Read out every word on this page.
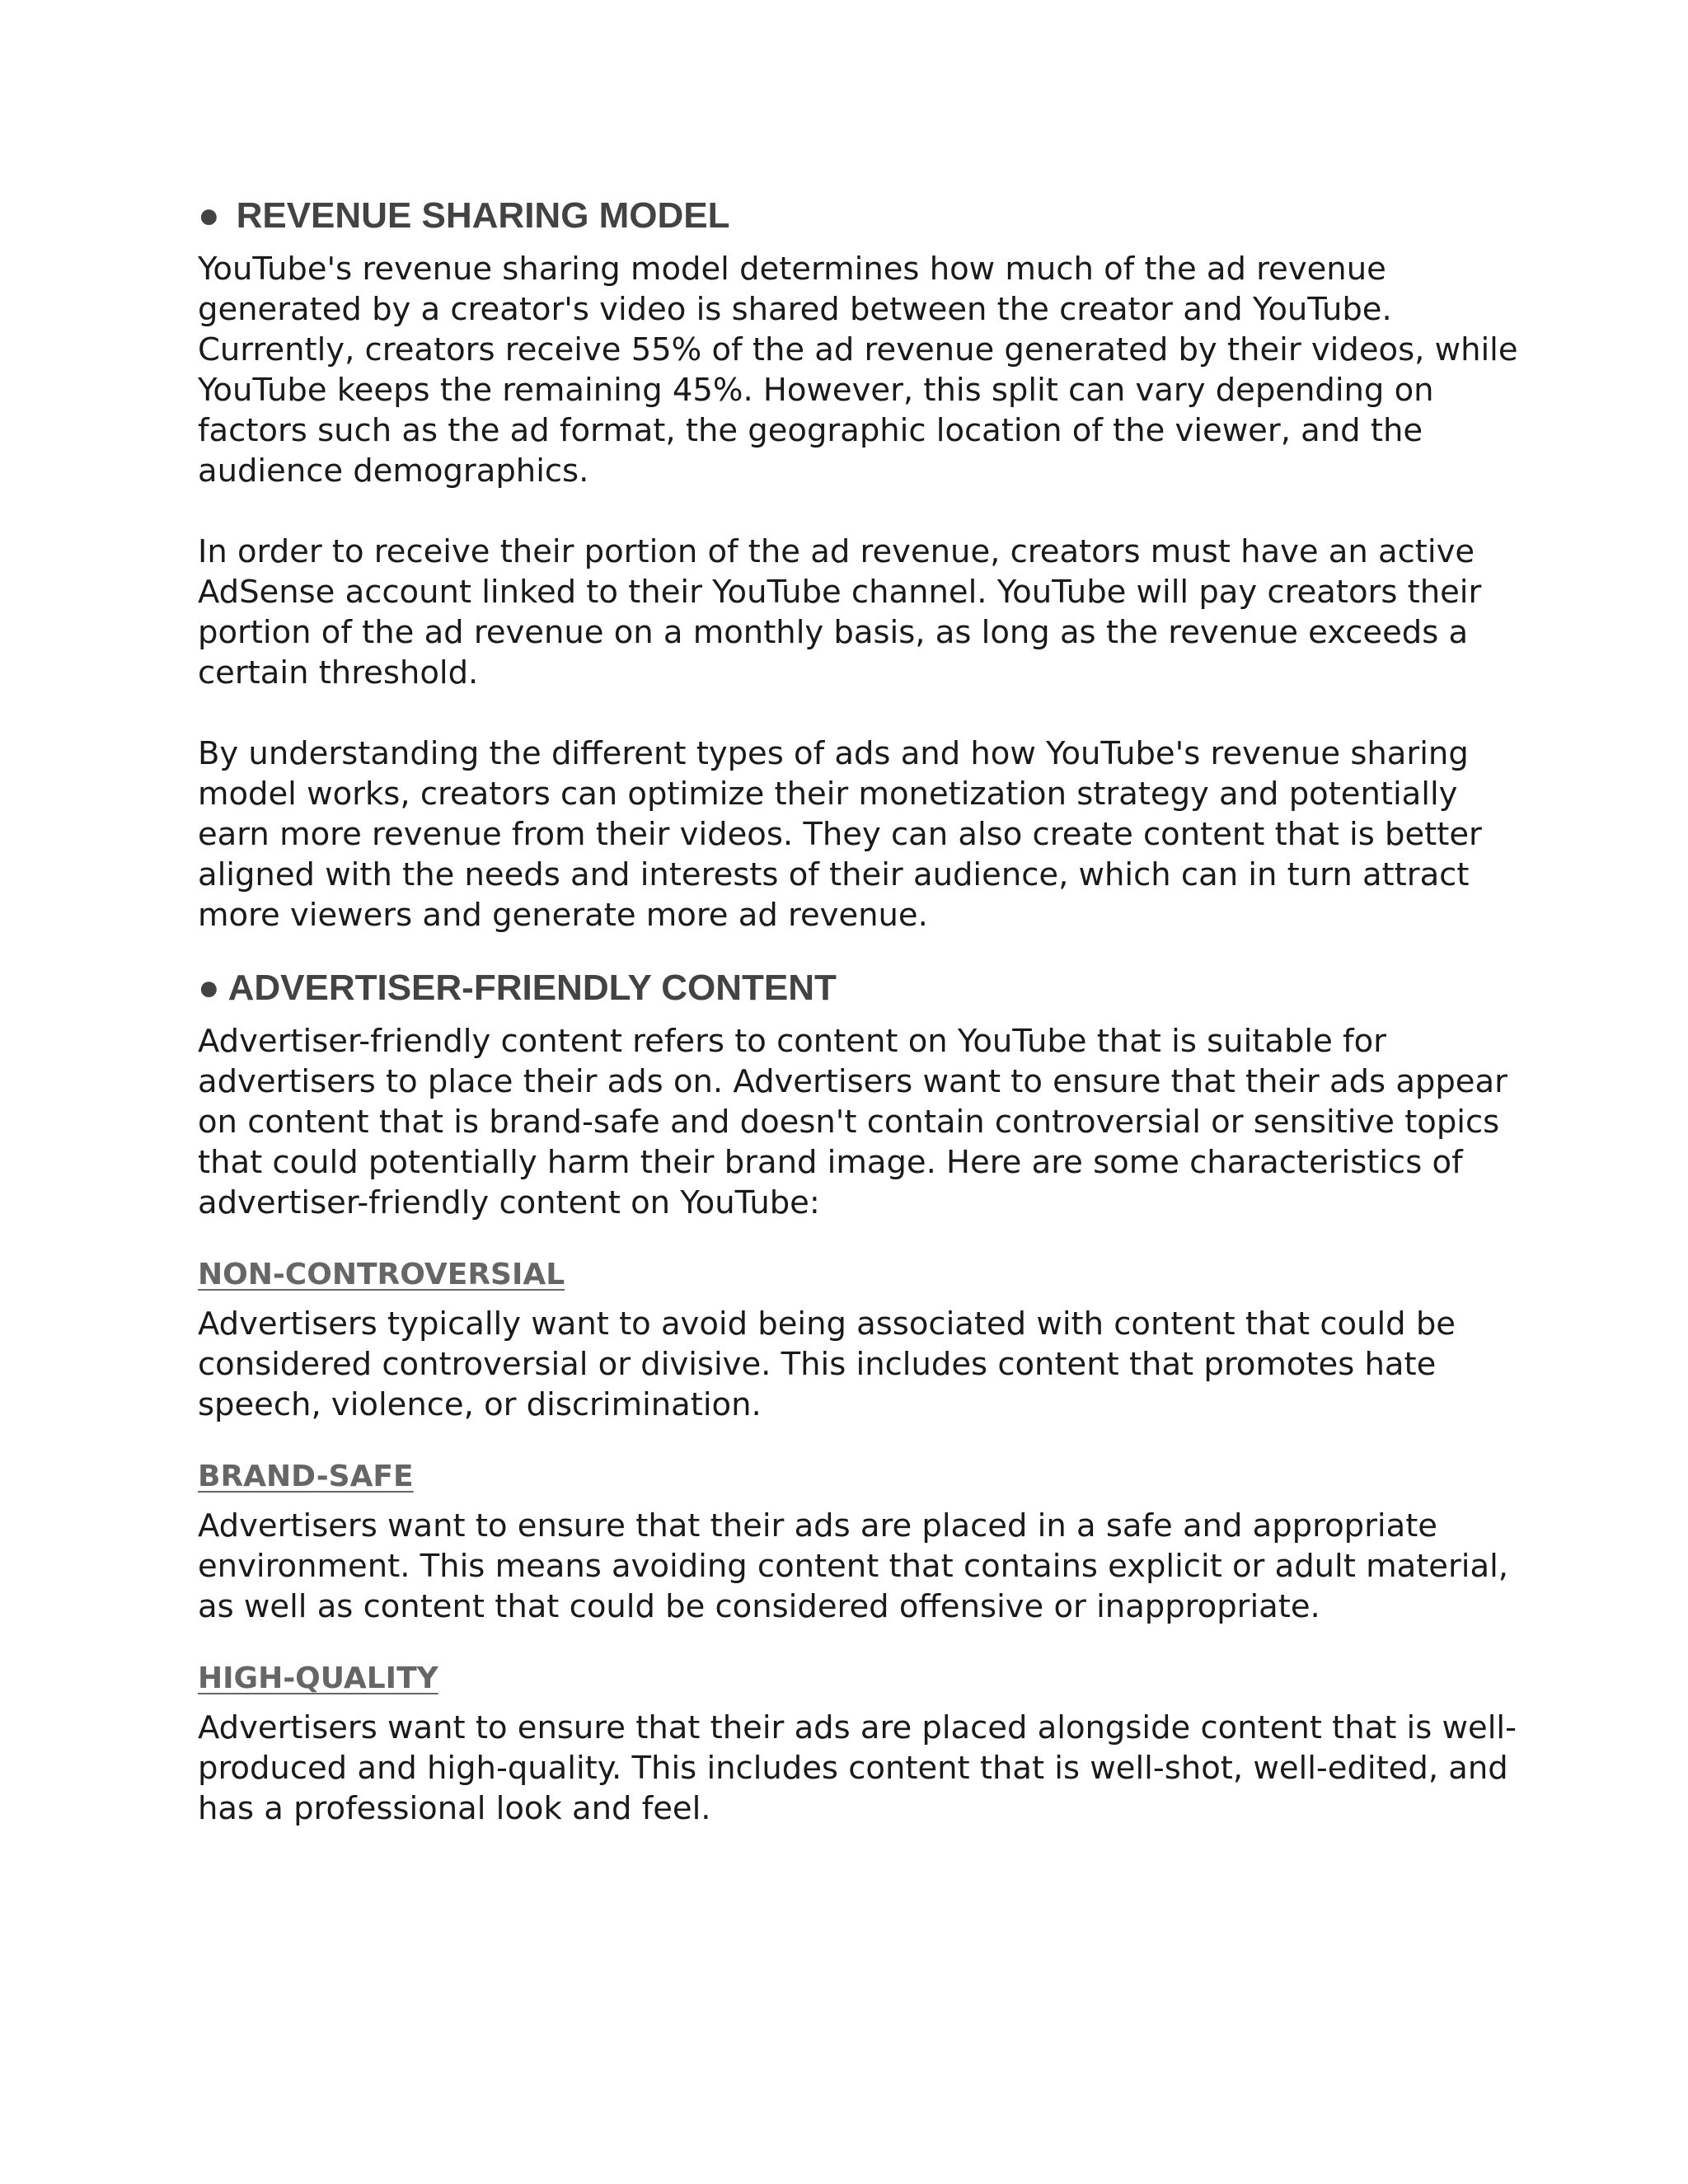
● REVENUE SHARING MODEL

YouTube's revenue sharing model determines how much of the ad revenue generated by a creator's video is shared between the creator and YouTube. Currently, creators receive 55% of the ad revenue generated by their videos, while YouTube keeps the remaining 45%. However, this split can vary depending on factors such as the ad format, the geographic location of the viewer, and the audience demographics.

In order to receive their portion of the ad revenue, creators must have an active AdSense account linked to their YouTube channel. YouTube will pay creators their portion of the ad revenue on a monthly basis, as long as the revenue exceeds a certain threshold.

By understanding the different types of ads and how YouTube's revenue sharing model works, creators can optimize their monetization strategy and potentially earn more revenue from their videos. They can also create content that is better aligned with the needs and interests of their audience, which can in turn attract more viewers and generate more ad revenue.

● ADVERTISER-FRIENDLY CONTENT

Advertiser-friendly content refers to content on YouTube that is suitable for advertisers to place their ads on. Advertisers want to ensure that their ads appear on content that is brand-safe and doesn't contain controversial or sensitive topics that could potentially harm their brand image. Here are some characteristics of advertiser-friendly content on YouTube:

NON-CONTROVERSIAL

Advertisers typically want to avoid being associated with content that could be considered controversial or divisive. This includes content that promotes hate speech, violence, or discrimination.

BRAND-SAFE

Advertisers want to ensure that their ads are placed in a safe and appropriate environment. This means avoiding content that contains explicit or adult material, as well as content that could be considered offensive or inappropriate.

HIGH-QUALITY

Advertisers want to ensure that their ads are placed alongside content that is well-produced and high-quality. This includes content that is well-shot, well-edited, and has a professional look and feel.
